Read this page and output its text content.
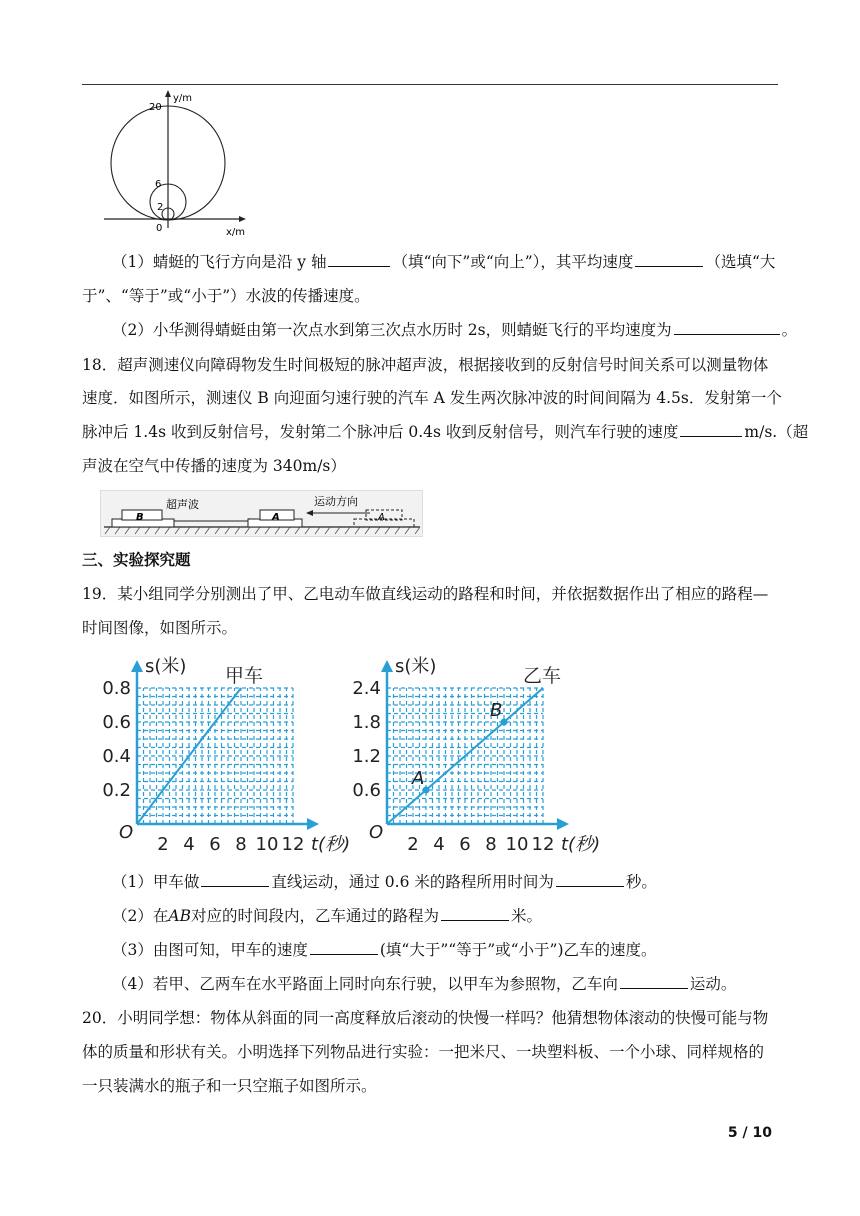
y/m
20
6
2
0	x/m
（1）蜻蜓的飞行方向是沿 y 轴	（填“向下”或“向上”），其平均速度	（选填“大
于”、“等于”或“小于”）水波的传播速度。
（2）小华测得蜻蜓由第一次点水到第三次点水历时 2s，则蜻蜓飞行的平均速度为	。
18．超声测速仪向障碍物发生时间极短的脉冲超声波，根据接收到的反射信号时间关系可以测量物体
速度．如图所示，测速仪 B 向迎面匀速行驶的汽车 A 发生两次脉冲波的时间间隔为 4.5s．发射第一个
脉冲后 1.4s 收到反射信号，发射第二个脉冲后 0.4s 收到反射信号，则汽车行驶的速度	m/s.（超
声波在空气中传播的速度为 340m/s）
B
超声波
A
运动方向
A
三、实验探究题
19．某小组同学分别测出了甲、乙电动车做直线运动的路程和时间，并依据数据作出了相应的路程—
时间图像，如图所示。
s(米)
t(秒)
甲车
O
2 4 6 8 10 12
0.2
0.4
0.6
0.8
s(米)
t(秒)
乙车
O
2 4 6 8 10 12
0.6
1.2
1.8
2.4
A
B
（1）甲车做	直线运动，通过 0.6 米的路程所用时间为	秒。
（2）在AB对应的时间段内，乙车通过的路程为	米。
（3）由图可知，甲车的速度	(填“大于”“等于”或“小于”)乙车的速度。
（4）若甲、乙两车在水平路面上同时向东行驶，以甲车为参照物，乙车向	运动。
20．小明同学想：物体从斜面的同一高度释放后滚动的快慢一样吗？他猜想物体滚动的快慢可能与物
体的质量和形状有关。小明选择下列物品进行实验：一把米尺、一块塑料板、一个小球、同样规格的
一只装满水的瓶子和一只空瓶子如图所示。
5 / 10
